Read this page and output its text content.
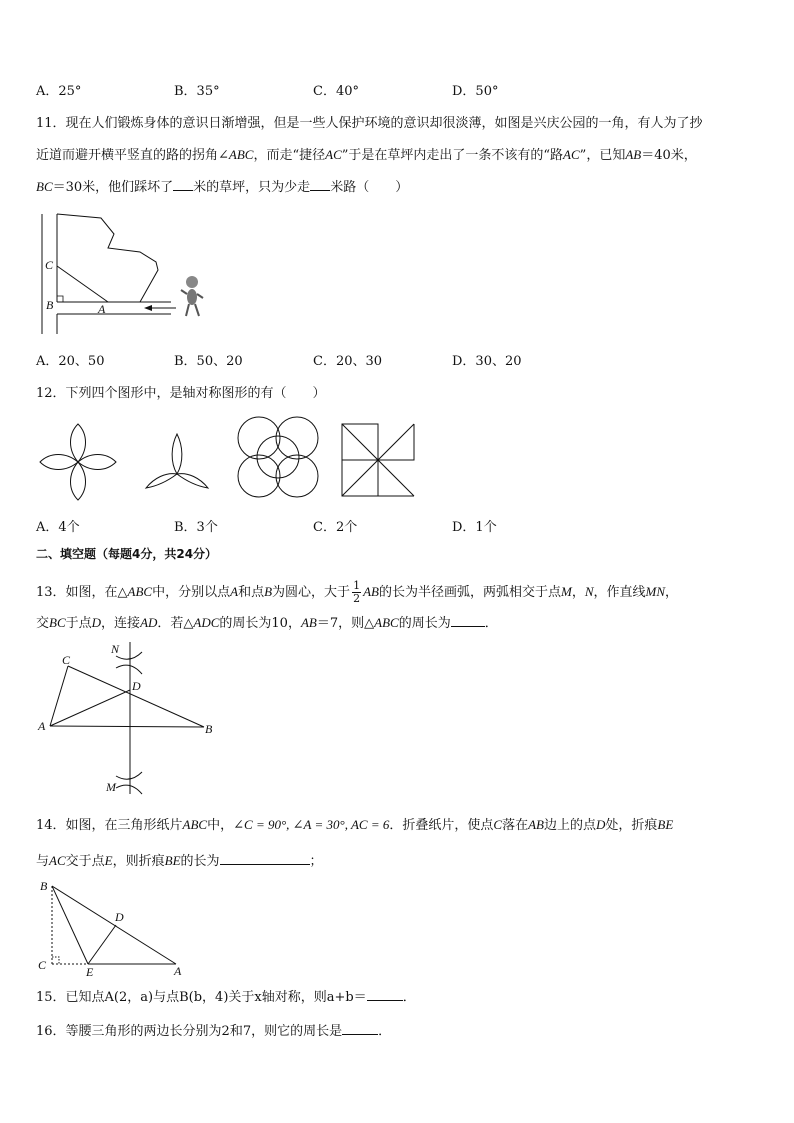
A．25°	B．35°	C．40°	D．50°
11．现在人们锻炼身体的意识日渐增强，但是一些人保护环境的意识却很淡薄，如图是兴庆公园的一角，有人为了抄
近道而避开横平竖直的路的拐角∠ABC，而走“捷径AC”于是在草坪内走出了一条不该有的“路AC”，已知AB＝40米，
BC＝30米，他们踩坏了 米的草坪，只为少走 米路（　　）
C
B	A
A．20、50	B．50、20	C．20、30	D．30、20
12．下列四个图形中，是轴对称图形的有（　　）
A．4个	B．3个	C．2个	D．1个
二、填空题（每题4分，共24分）
13．如图，在△ABC中，分别以点A和点B为圆心，大于 $\frac{1}{2}$ AB的长为半径画弧，两弧相交于点M，N，作直线MN，
交BC于点D，连接AD．若△ADC的周长为10，AB＝7，则△ABC的周长为	．
N
C
D
A	B
M
14．如图，在三角形纸片ABC中，∠C = 90°, ∠A = 30°, AC = 6．折叠纸片，使点C落在AB边上的点D处，折痕BE
与AC交于点E，则折痕BE的长为	；
B
D
C	E	A
15．已知点A(2，a)与点B(b，4)关于x轴对称，则a+b＝	．
16．等腰三角形的两边长分别为2和7，则它的周长是	．
